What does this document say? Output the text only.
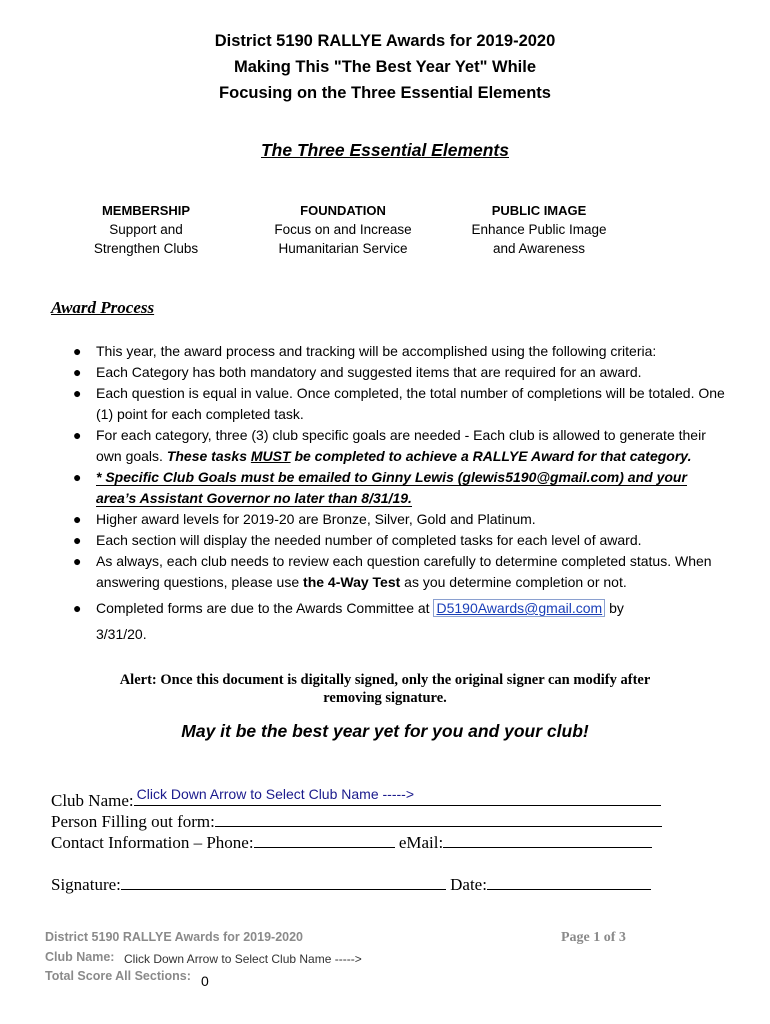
District 5190 RALLYE Awards for 2019-2020
Making This "The Best Year Yet" While
Focusing on the Three Essential Elements
The Three Essential Elements
MEMBERSHIP
Support and
Strengthen Clubs
FOUNDATION
Focus on and Increase
Humanitarian Service
PUBLIC IMAGE
Enhance Public Image
and Awareness
Award Process
● This year, the award process and tracking will be accomplished using the following criteria:
● Each Category has both mandatory and suggested items that are required for an award.
● Each question is equal in value. Once completed, the total number of completions will be totaled. One (1) point for each completed task.
● For each category, three (3) club specific goals are needed - Each club is allowed to generate their own goals. These tasks MUST be completed to achieve a RALLYE Award for that category.
● * Specific Club Goals must be emailed to Ginny Lewis (glewis5190@gmail.com) and your area’s Assistant Governor no later than 8/31/19.
● Higher award levels for 2019-20 are Bronze, Silver, Gold and Platinum.
● Each section will display the needed number of completed tasks for each level of award.
● As always, each club needs to review each question carefully to determine completed status. When answering questions, please use the 4-Way Test as you determine completion or not.
● Completed forms are due to the Awards Committee at D5190Awards@gmail.com by
3/31/20.
Alert: Once this document is digitally signed, only the original signer can modify after
removing signature.
May it be the best year yet for you and your club!
Club Name: Click Down Arrow to Select Club Name ----->
Person Filling out form:
Contact Information – Phone:	eMail:
Signature:	Date:
District 5190 RALLYE Awards for 2019-2020	Page 1 of 3
Club Name: Click Down Arrow to Select Club Name ----->
Total Score All Sections: 0
